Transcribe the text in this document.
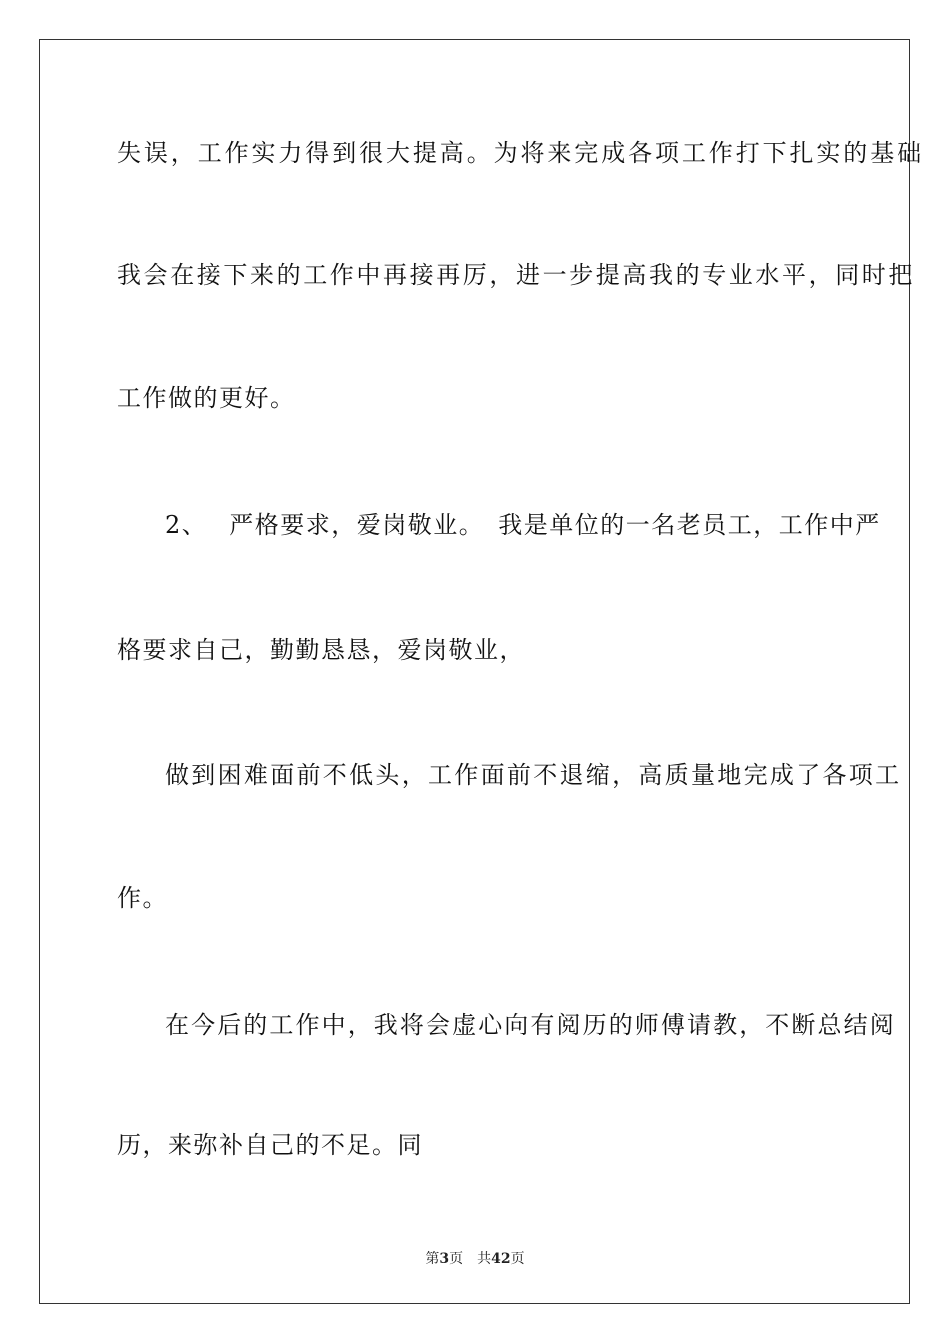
失误，工作实力得到很大提高。为将来完成各项工作打下扎实的基础
我会在接下来的工作中再接再厉，进一步提高我的专业水平，同时把
工作做的更好。
2、 严格要求，爱岗敬业。 我是单位的一名老员工，工作中严
格要求自己，勤勤恳恳，爱岗敬业，
做到困难面前不低头，工作面前不退缩，高质量地完成了各项工
作。
在今后的工作中，我将会虚心向有阅历的师傅请教，不断总结阅
历，来弥补自己的不足。同
第3页 共42页
